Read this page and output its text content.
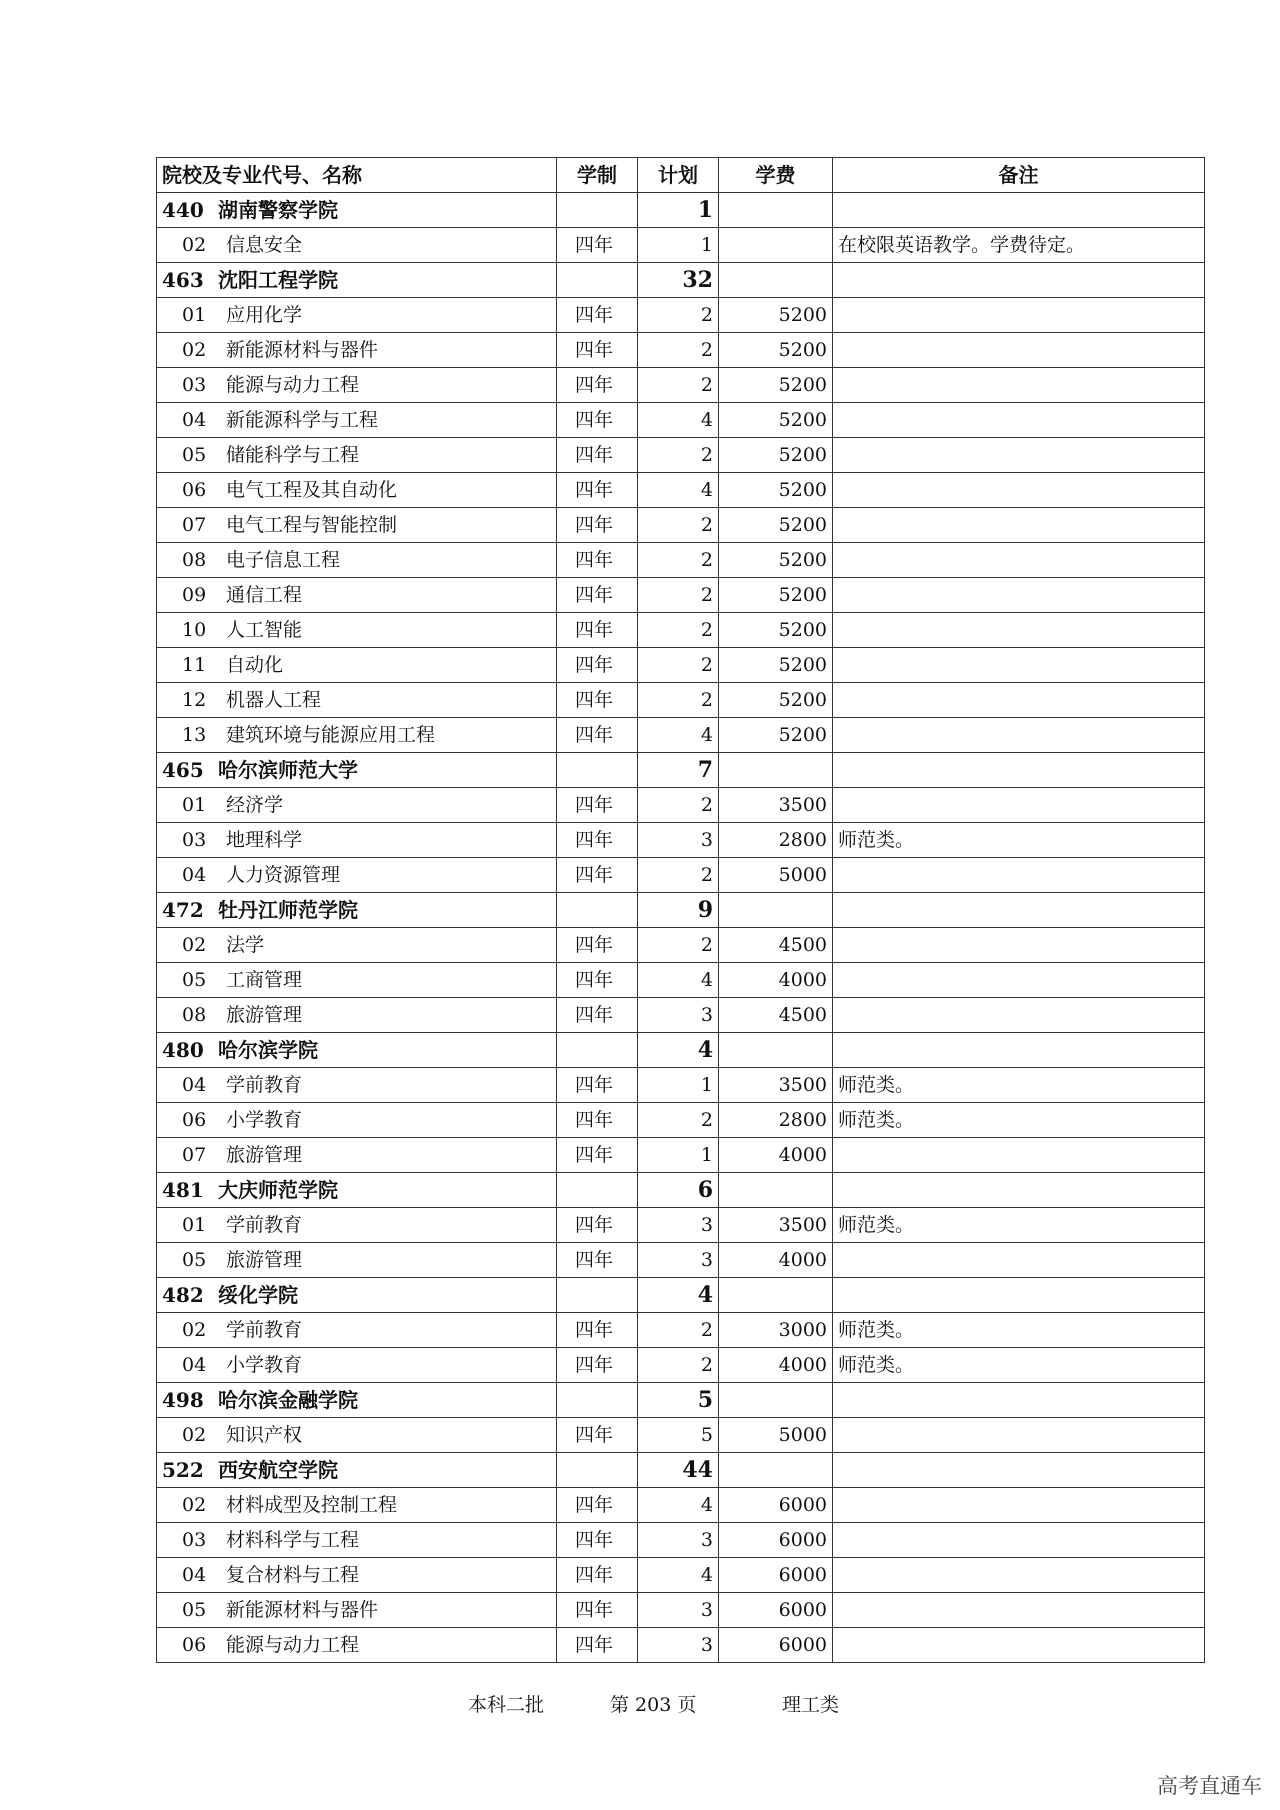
院校及专业代号、名称	学制	计划	学费	备注
440 湖南警察学院		1		
02 信息安全	四年	1		在校限英语教学。学费待定。
463 沈阳工程学院		32		
01 应用化学	四年	2	5200	
02 新能源材料与器件	四年	2	5200	
03 能源与动力工程	四年	2	5200	
04 新能源科学与工程	四年	4	5200	
05 储能科学与工程	四年	2	5200	
06 电气工程及其自动化	四年	4	5200	
07 电气工程与智能控制	四年	2	5200	
08 电子信息工程	四年	2	5200	
09 通信工程	四年	2	5200	
10 人工智能	四年	2	5200	
11 自动化	四年	2	5200	
12 机器人工程	四年	2	5200	
13 建筑环境与能源应用工程	四年	4	5200	
465 哈尔滨师范大学		7		
01 经济学	四年	2	3500	
03 地理科学	四年	3	2800	师范类。
04 人力资源管理	四年	2	5000	
472 牡丹江师范学院		9		
02 法学	四年	2	4500	
05 工商管理	四年	4	4000	
08 旅游管理	四年	3	4500	
480 哈尔滨学院		4		
04 学前教育	四年	1	3500	师范类。
06 小学教育	四年	2	2800	师范类。
07 旅游管理	四年	1	4000	
481 大庆师范学院		6		
01 学前教育	四年	3	3500	师范类。
05 旅游管理	四年	3	4000	
482 绥化学院		4		
02 学前教育	四年	2	3000	师范类。
04 小学教育	四年	2	4000	师范类。
498 哈尔滨金融学院		5		
02 知识产权	四年	5	5000	
522 西安航空学院		44		
02 材料成型及控制工程	四年	4	6000	
03 材料科学与工程	四年	3	6000	
04 复合材料与工程	四年	4	6000	
05 新能源材料与器件	四年	3	6000	
06 能源与动力工程	四年	3	6000	
本科二批	第 203 页	理工类
高考直通车
